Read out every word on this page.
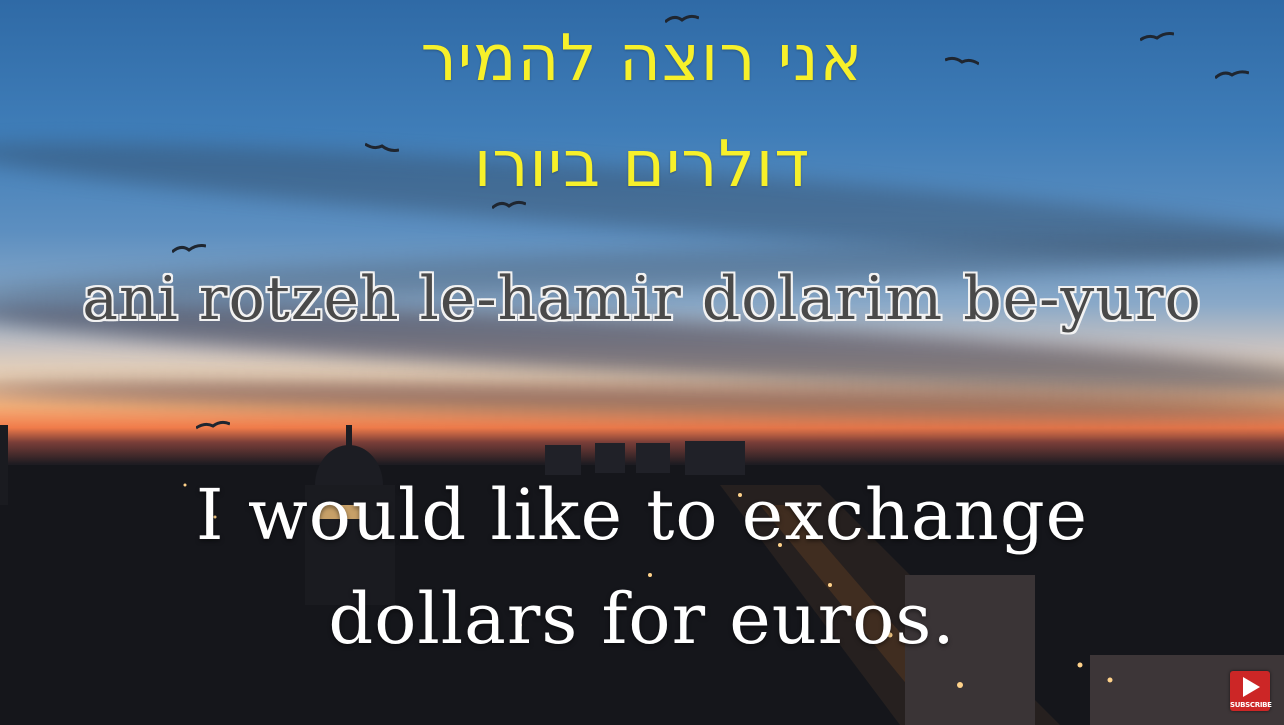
אני רוצה להמיר
דולרים ביורו
ani rotzeh le-hamir dolarim be-yuro
I would like to exchange
dollars for euros.
SUBSCRIBE
